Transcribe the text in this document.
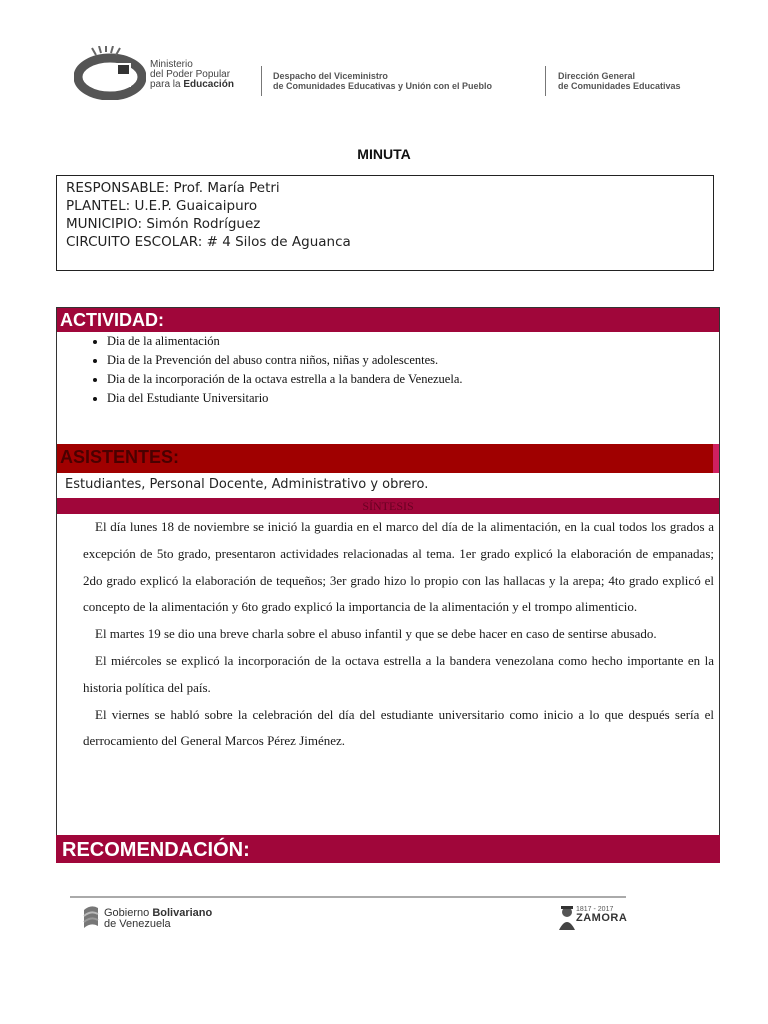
Ministerio
del Poder Popular
para la Educación
Despacho del Viceministro
de Comunidades Educativas y Unión con el Pueblo
Dirección General
de Comunidades Educativas
MINUTA
RESPONSABLE: Prof. María Petri
PLANTEL: U.E.P. Guaicaipuro
MUNICIPIO: Simón Rodríguez
CIRCUITO ESCOLAR: # 4 Silos de Aguanca
ACTIVIDAD:
• Dia de la alimentación
• Dia de la Prevención del abuso contra niños, niñas y adolescentes.
• Dia de la incorporación de la octava estrella a la bandera de Venezuela.
• Dia del Estudiante Universitario
ASISTENTES:
Estudiantes, Personal Docente, Administrativo y obrero.
SÍNTESIS

El día lunes 18 de noviembre se inició la guardia en el marco del día de la alimentación, en la cual todos los grados a excepción de 5to grado, presentaron actividades relacionadas al tema. 1er grado explicó la elaboración de empanadas; 2do grado explicó la elaboración de tequeños; 3er grado hizo lo propio con las hallacas y la arepa; 4to grado explicó el concepto de la alimentación y 6to grado explicó la importancia de la alimentación y el trompo alimenticio.

El martes 19 se dio una breve charla sobre el abuso infantil y que se debe hacer en caso de sentirse abusado.

El miércoles se explicó la incorporación de la octava estrella a la bandera venezolana como hecho importante en la historia política del país.

El viernes se habló sobre la celebración del día del estudiante universitario como inicio a lo que después sería el derrocamiento del General Marcos Pérez Jiménez.

RECOMENDACIÓN:
Gobierno Bolivariano
de Venezuela
1817 - 2017
ZAMORA
